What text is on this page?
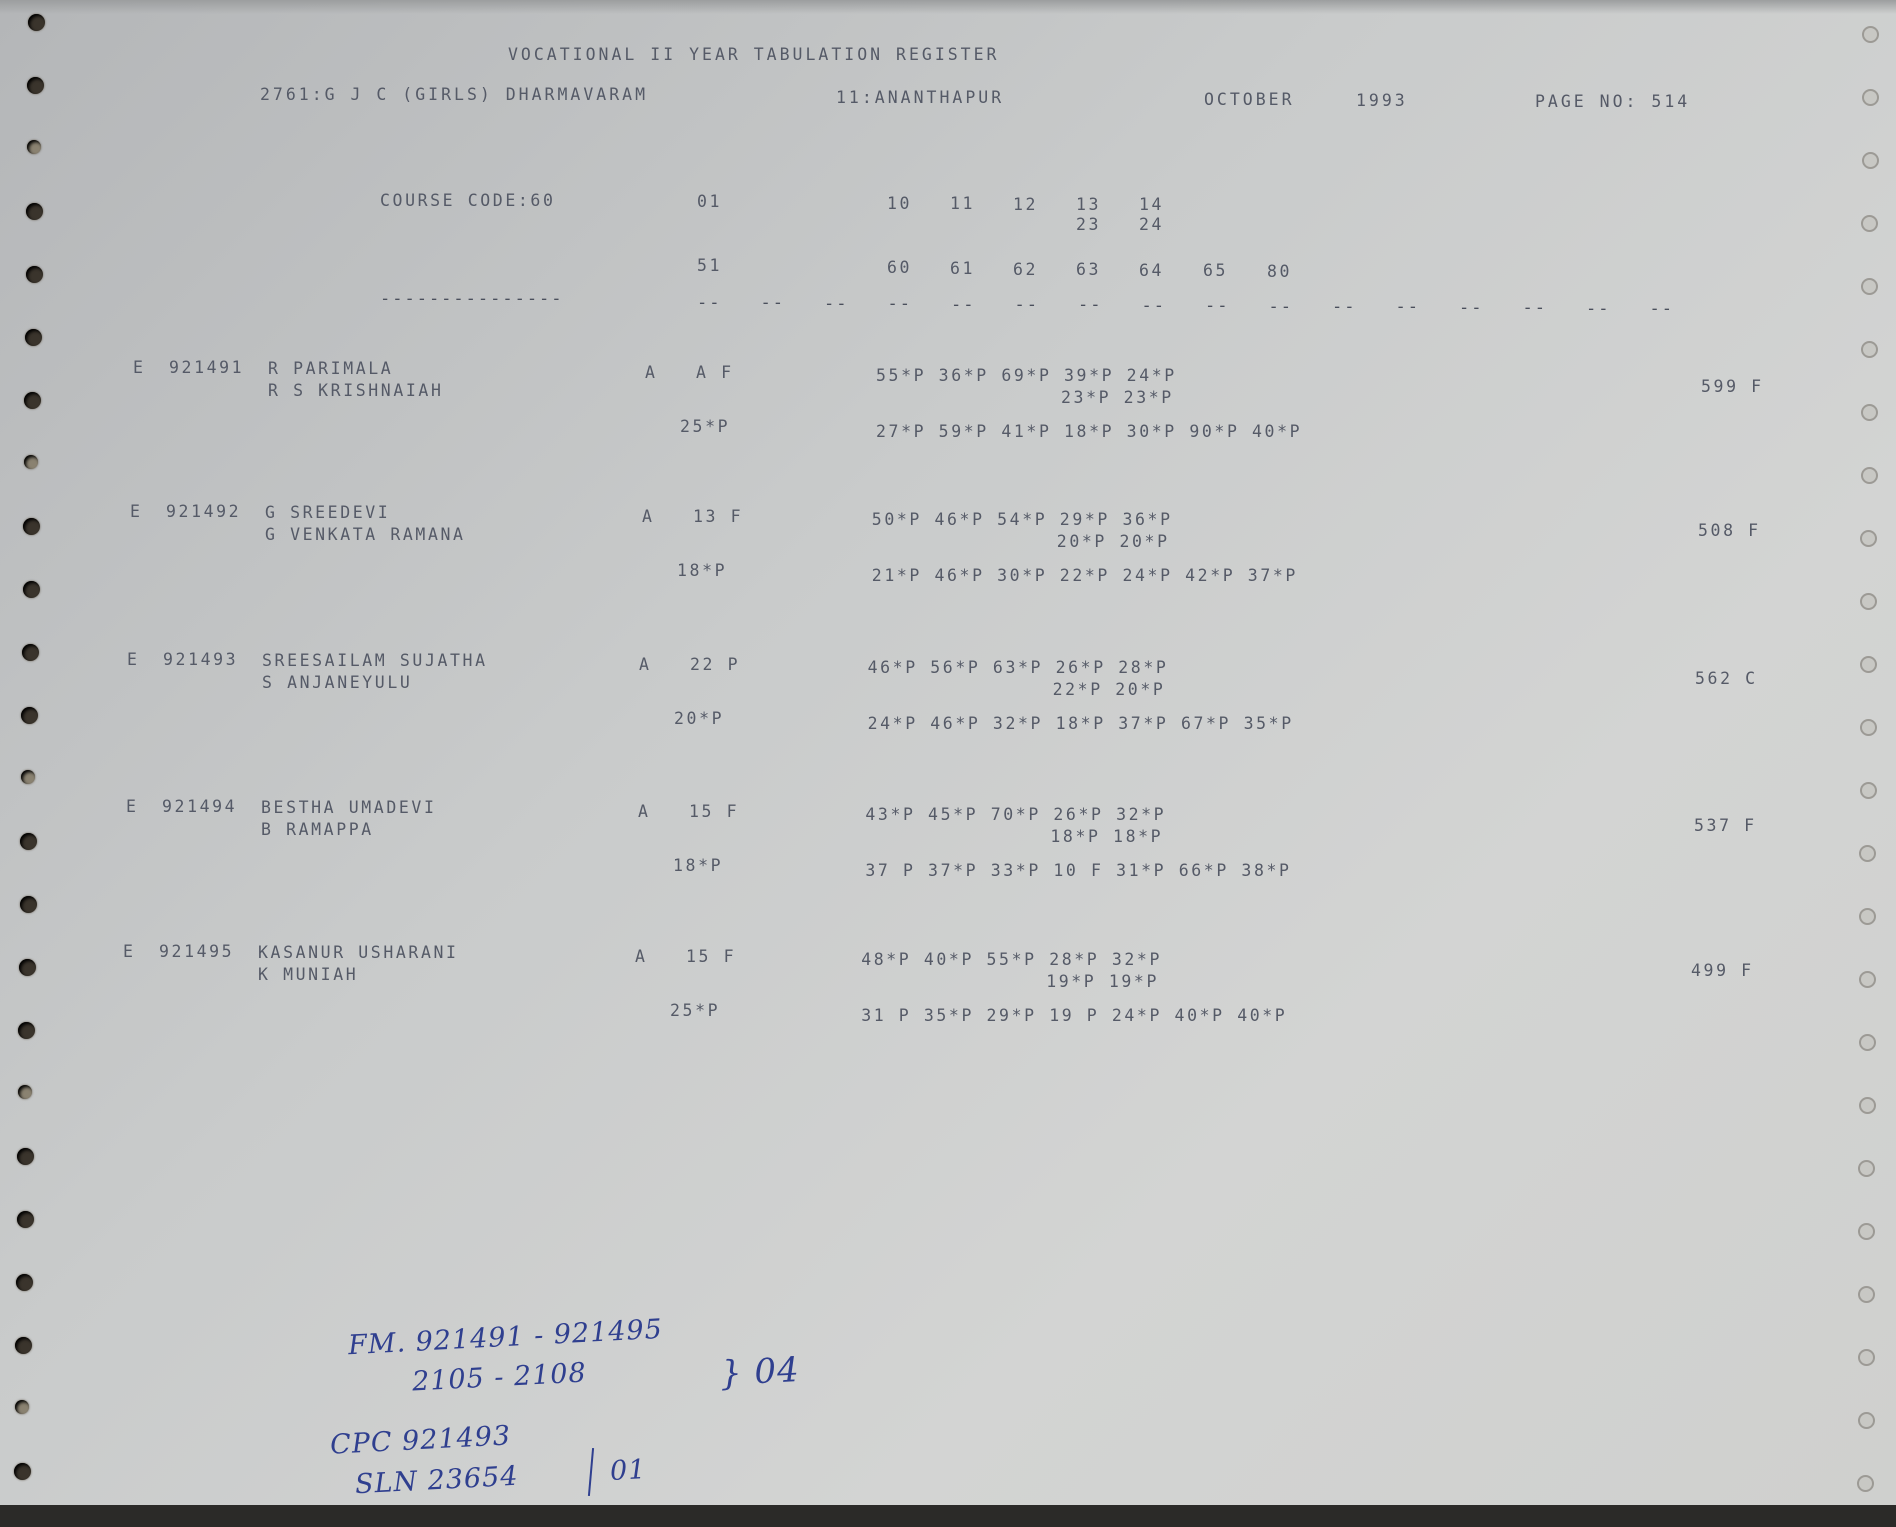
VOCATIONAL II YEAR TABULATION REGISTER
2761:G J C (GIRLS) DHARMAVARAM	11:ANANTHAPUR	OCTOBER	1993	PAGE NO: 514
COURSE CODE:60	01	10 11 12 13 14
23 24
51	60 61 62 63 64 65 80
---------------	-- -- -- -- -- -- -- -- -- -- -- -- -- -- -- --
E 921491 R PARIMALA
R S KRISHNAIAH
A A F	55*P 36*P 69*P 39*P 24*P
23*P 23*P
25*P	27*P 59*P 41*P 18*P 30*P 90*P 40*P
599 F
E 921492 G SREEDEVI
G VENKATA RAMANA
A 13 F	50*P 46*P 54*P 29*P 36*P
20*P 20*P
18*P	21*P 46*P 30*P 22*P 24*P 42*P 37*P
508 F
E 921493 SREESAILAM SUJATHA
S ANJANEYULU
A 22 P	46*P 56*P 63*P 26*P 28*P
22*P 20*P
20*P	24*P 46*P 32*P 18*P 37*P 67*P 35*P
562 C
E 921494 BESTHA UMADEVI
B RAMAPPA
A 15 F	43*P 45*P 70*P 26*P 32*P
18*P 18*P
18*P	37 P 37*P 33*P 10 F 31*P 66*P 38*P
537 F
E 921495 KASANUR USHARANI
K MUNIAH
A 15 F	48*P 40*P 55*P 28*P 32*P
19*P 19*P
25*P	31 P 35*P 29*P 19 P 24*P 40*P 40*P
499 F
FM. 921491 - 921495
2105 - 2108	} 04
CPC 921493
SLN 23654	01
